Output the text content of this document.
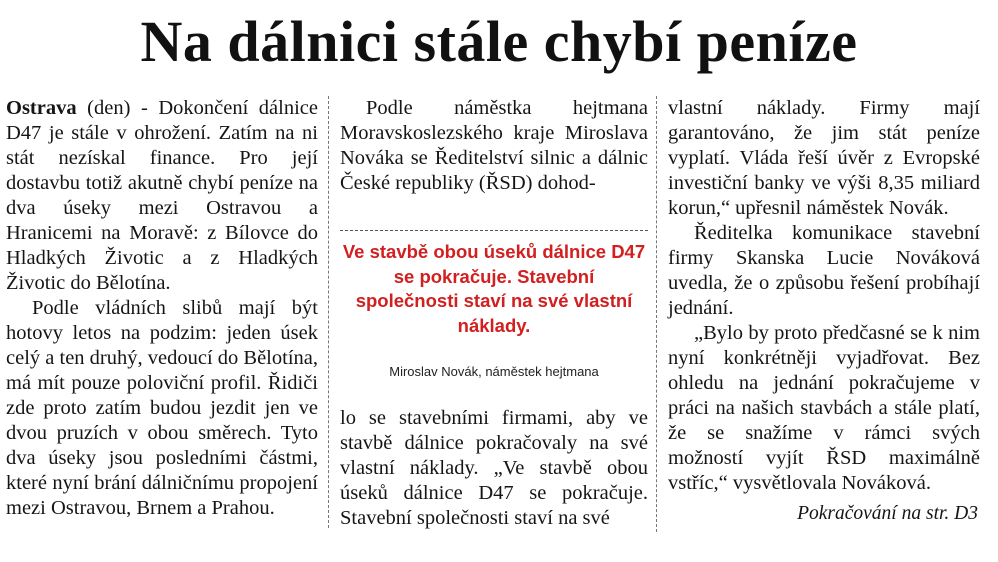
Na dálnici stále chybí peníze

Ostrava (den) - Dokončení dálnice D47 je stále v ohrožení. Zatím na ni stát nezískal finance. Pro její dostavbu totiž akutně chybí peníze na dva úseky mezi Ostravou a Hranicemi na Moravě: z Bílovce do Hladkých Životic a z Hladkých Životic do Bělotína.

Podle vládních slibů mají být hotovy letos na podzim: jeden úsek celý a ten druhý, vedoucí do Bělotína, má mít pouze poloviční profil. Řidiči zde proto zatím budou jezdit jen ve dvou pruzích v obou směrech. Tyto dva úseky jsou posledními částmi, které nyní brání dálničnímu propojení mezi Ostravou, Brnem a Prahou.

Podle náměstka hejtmana Moravskoslezského kraje Miroslava Nováka se Ředitelství silnic a dálnic České republiky (ŘSD) dohod-

Ve stavbě obou úseků dálnice D47 se pokračuje. Stavební společnosti staví na své vlastní náklady.
Miroslav Novák, náměstek hejtmana

lo se stavebními firmami, aby ve stavbě dálnice pokračovaly na své vlastní náklady. „Ve stavbě obou úseků dálnice D47 se pokračuje. Stavební společnosti staví na své

vlastní náklady. Firmy mají garantováno, že jim stát peníze vyplatí. Vláda řeší úvěr z Evropské investiční banky ve výši 8,35 miliard korun,“ upřesnil náměstek Novák.

Ředitelka komunikace stavební firmy Skanska Lucie Nováková uvedla, že o způsobu řešení probíhají jednání.

„Bylo by proto předčasné se k nim nyní konkrétněji vyjadřovat. Bez ohledu na jednání pokračujeme v práci na našich stavbách a stále platí, že se snažíme v rámci svých možností vyjít ŘSD maximálně vstříc,“ vysvětlovala Nováková.

Pokračování na str. D3
